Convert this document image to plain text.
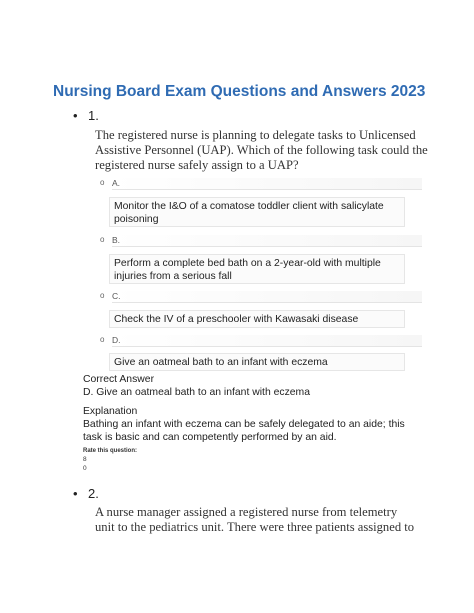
Nursing Board Exam Questions and Answers 2023
• 1.
The registered nurse is planning to delegate tasks to Unlicensed
Assistive Personnel (UAP). Which of the following task could the
registered nurse safely assign to a UAP?
o A.
Monitor the I&O of a comatose toddler client with salicylate
poisoning
o B.
Perform a complete bed bath on a 2-year-old with multiple
injuries from a serious fall
o C.
Check the IV of a preschooler with Kawasaki disease
o D.
Give an oatmeal bath to an infant with eczema
Correct Answer
D. Give an oatmeal bath to an infant with eczema
Explanation
Bathing an infant with eczema can be safely delegated to an aide; this
task is basic and can competently performed by an aid.
Rate this question:
8
0
• 2.
A nurse manager assigned a registered nurse from telemetry
unit to the pediatrics unit. There were three patients assigned to
